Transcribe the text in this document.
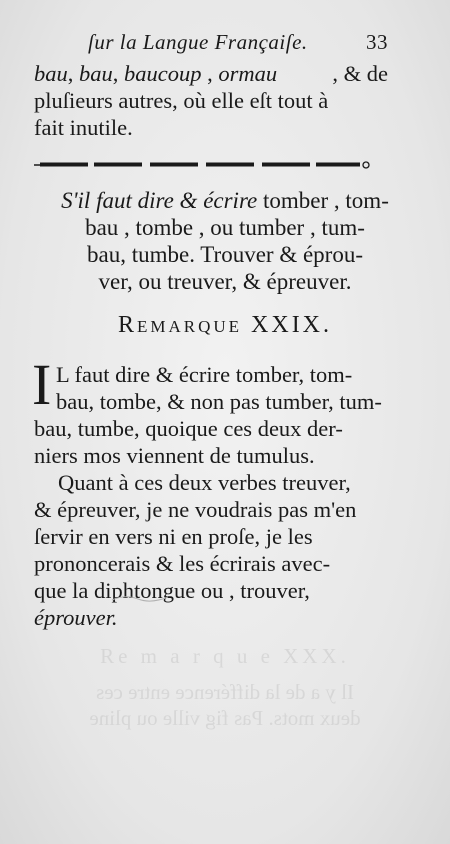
Re m a r q u e XXX.
Il y a de la différence entre ces
deux mots. Pas fig ville ou pline
ſur la Langue Françaiſe.	33
bau, bau, baucoup , ormau , & de
pluſieurs autres, où elle eſt tout à
fait inutile.
S'il faut dire & écrire tomber , tom-
bau , tombe , ou tumber , tum-
bau, tumbe. Trouver & éprou-
ver, ou treuver, & épreuver.
Remarque XXIX.
I L faut dire & écrire tomber, tom-
bau, tombe, & non pas tumber, tum-
bau, tumbe, quoique ces deux der-
niers mos viennent de tumulus.
Quant à ces deux verbes treuver,
& épreuver, je ne voudrais pas m'en
ſervir en vers ni en proſe, je les
prononcerais & les écrirais avec-
que la diphtongue ou , trouver,
éprouver.
